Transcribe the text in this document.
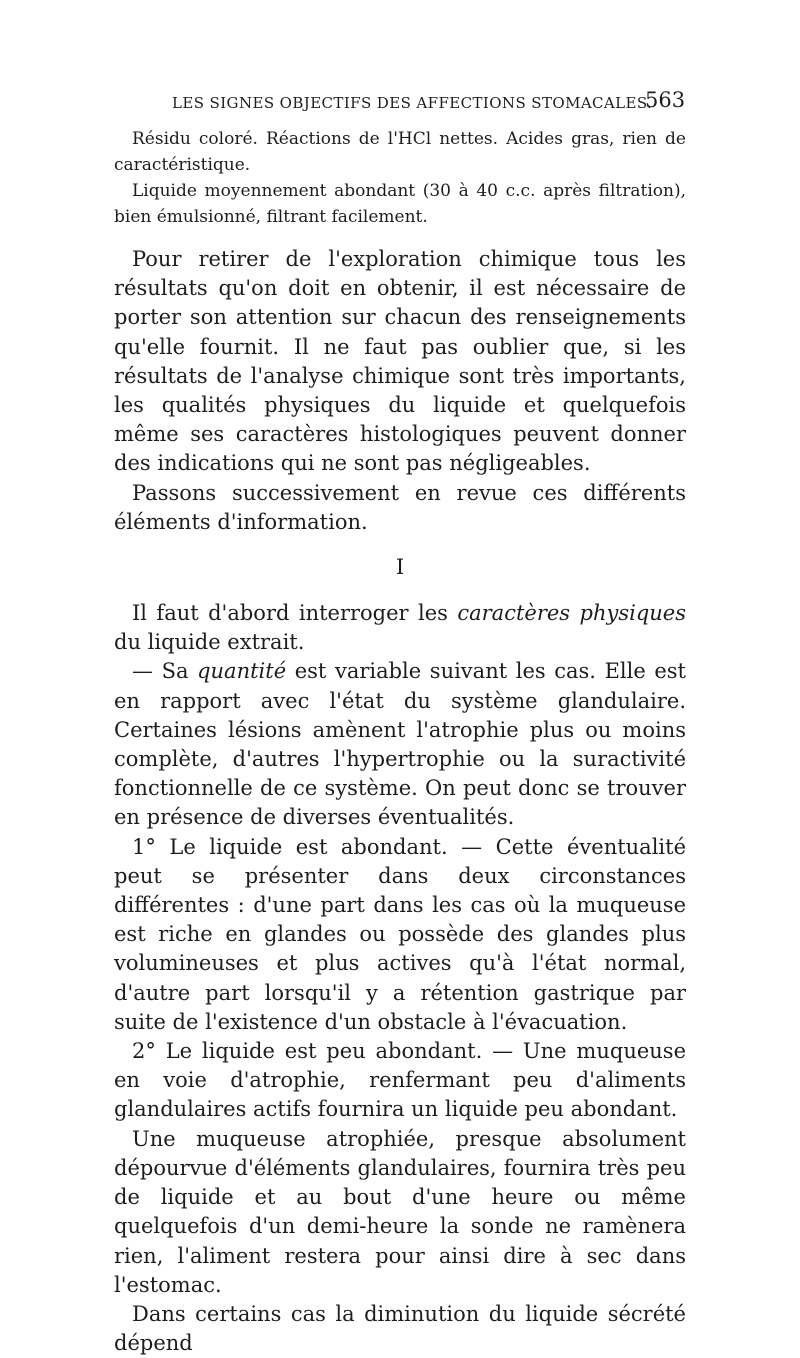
LES SIGNES OBJECTIFS DES AFFECTIONS STOMACALES.
563

Résidu coloré. Réactions de l'HCl nettes. Acides gras, rien de caractéristique.

Liquide moyennement abondant (30 à 40 c.c. après filtration), bien émulsionné, filtrant facilement.

Pour retirer de l'exploration chimique tous les résultats qu'on doit en obtenir, il est nécessaire de porter son attention sur chacun des renseignements qu'elle fournit. Il ne faut pas oublier que, si les résultats de l'analyse chimique sont très importants, les qualités physiques du liquide et quelquefois même ses caractères histologiques peuvent donner des indications qui ne sont pas négligeables.

Passons successivement en revue ces différents éléments d'information.

I

Il faut d'abord interroger les caractères physiques du liquide extrait.

— Sa quantité est variable suivant les cas. Elle est en rapport avec l'état du système glandulaire. Certaines lésions amènent l'atrophie plus ou moins complète, d'autres l'hypertrophie ou la suractivité fonctionnelle de ce système. On peut donc se trouver en présence de diverses éventualités.

1° Le liquide est abondant. — Cette éventualité peut se présenter dans deux circonstances différentes : d'une part dans les cas où la muqueuse est riche en glandes ou possède des glandes plus volumineuses et plus actives qu'à l'état normal, d'autre part lorsqu'il y a rétention gastrique par suite de l'existence d'un obstacle à l'évacuation.

2° Le liquide est peu abondant. — Une muqueuse en voie d'atrophie, renfermant peu d'aliments glandulaires actifs fournira un liquide peu abondant.

Une muqueuse atrophiée, presque absolument dépourvue d'éléments glandulaires, fournira très peu de liquide et au bout d'une heure ou même quelquefois d'un demi-heure la sonde ne ramènera rien, l'aliment restera pour ainsi dire à sec dans l'estomac.

Dans certains cas la diminution du liquide sécrété dépend
